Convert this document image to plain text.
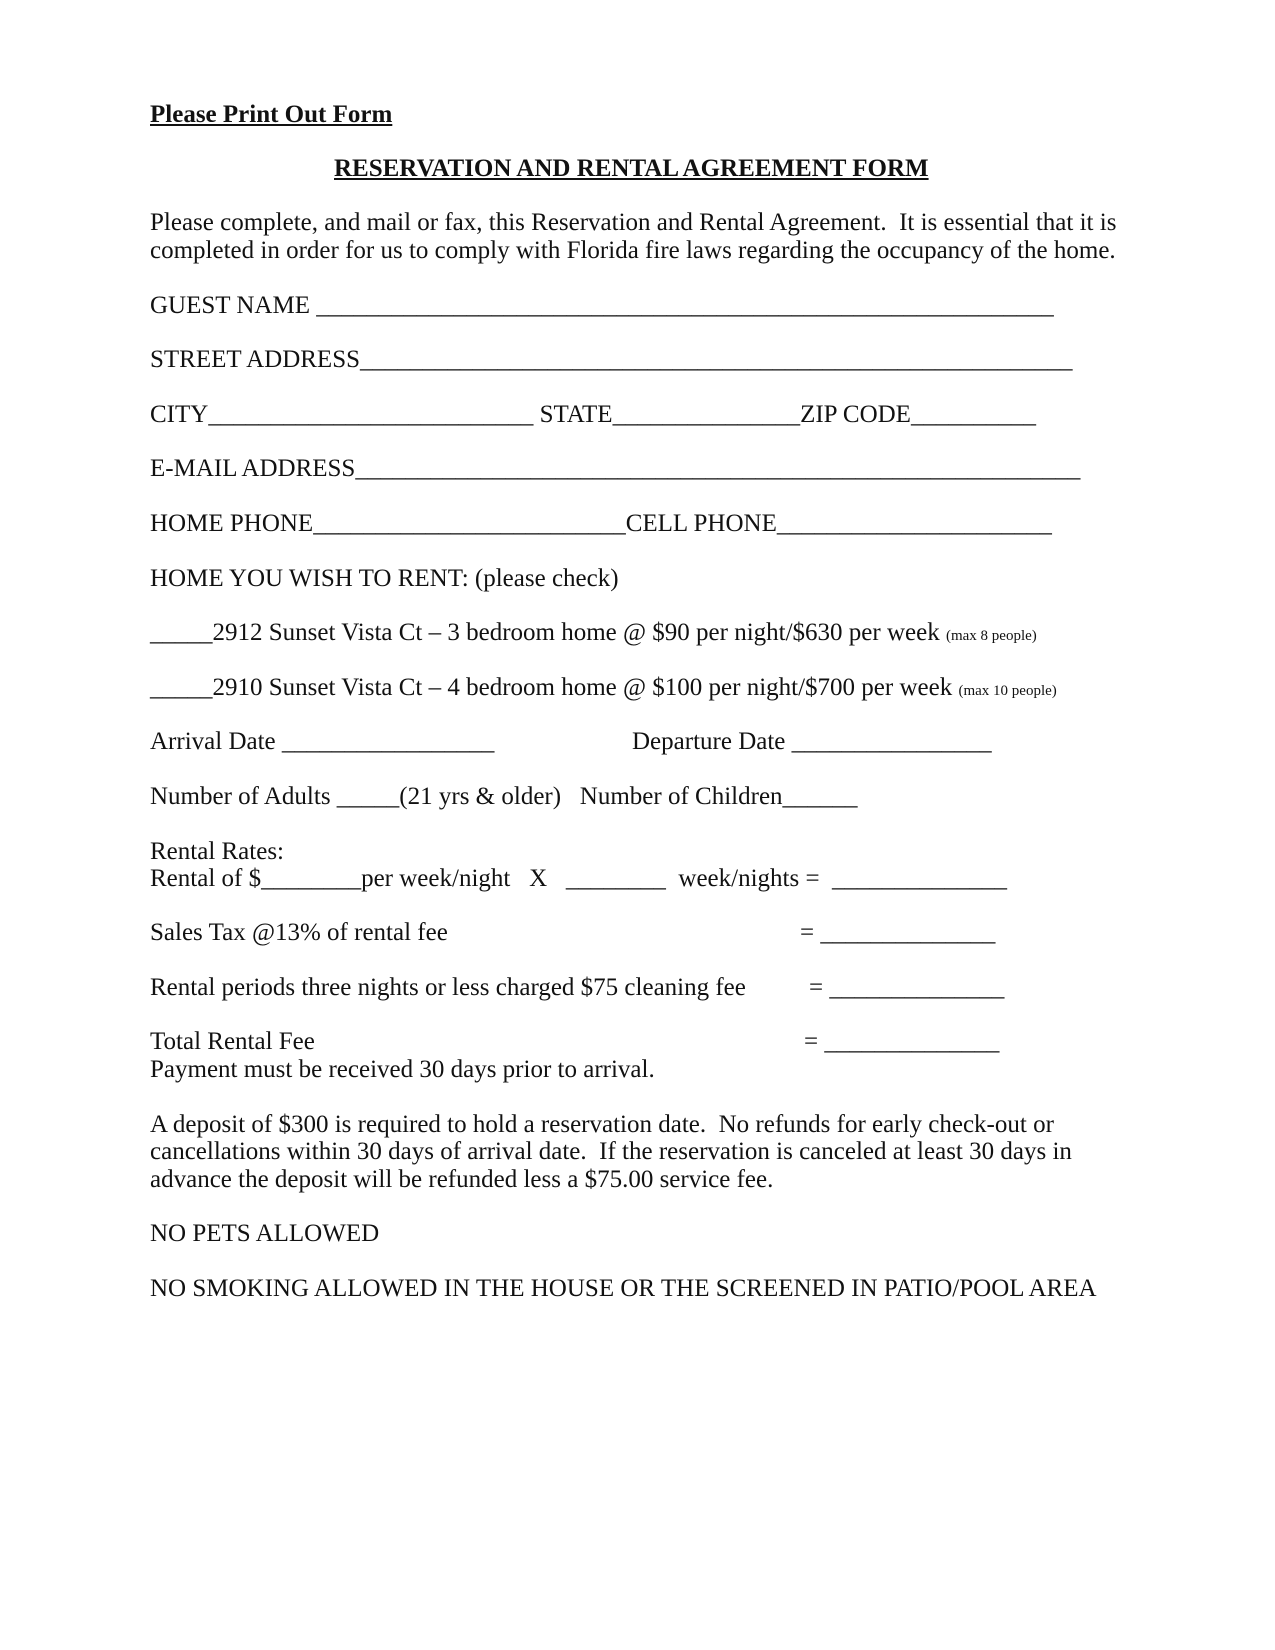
Please Print Out Form
RESERVATION AND RENTAL AGREEMENT FORM
Please complete, and mail or fax, this Reservation and Rental Agreement.  It is essential that it is
completed in order for us to comply with Florida fire laws regarding the occupancy of the home.
GUEST NAME ___________________________________________________________
STREET ADDRESS_________________________________________________________
CITY__________________________ STATE_______________ZIP CODE__________
E-MAIL ADDRESS__________________________________________________________
HOME PHONE_________________________CELL PHONE______________________
HOME YOU WISH TO RENT: (please check)
_____2912 Sunset Vista Ct – 3 bedroom home @ $90 per night/$630 per week (max 8 people)
_____2910 Sunset Vista Ct – 4 bedroom home @ $100 per night/$700 per week (max 10 people)
Arrival Date _________________	Departure Date ________________
Number of Adults _____(21 yrs & older)   Number of Children______
Rental Rates:
Rental of $________per week/night   X   ________  week/nights =  ______________
Sales Tax @13% of rental fee	= ______________
Rental periods three nights or less charged $75 cleaning fee	= ______________
Total Rental Fee	= ______________
Payment must be received 30 days prior to arrival.
A deposit of $300 is required to hold a reservation date.  No refunds for early check-out or
cancellations within 30 days of arrival date.  If the reservation is canceled at least 30 days in
advance the deposit will be refunded less a $75.00 service fee.
NO PETS ALLOWED
NO SMOKING ALLOWED IN THE HOUSE OR THE SCREENED IN PATIO/POOL AREA
